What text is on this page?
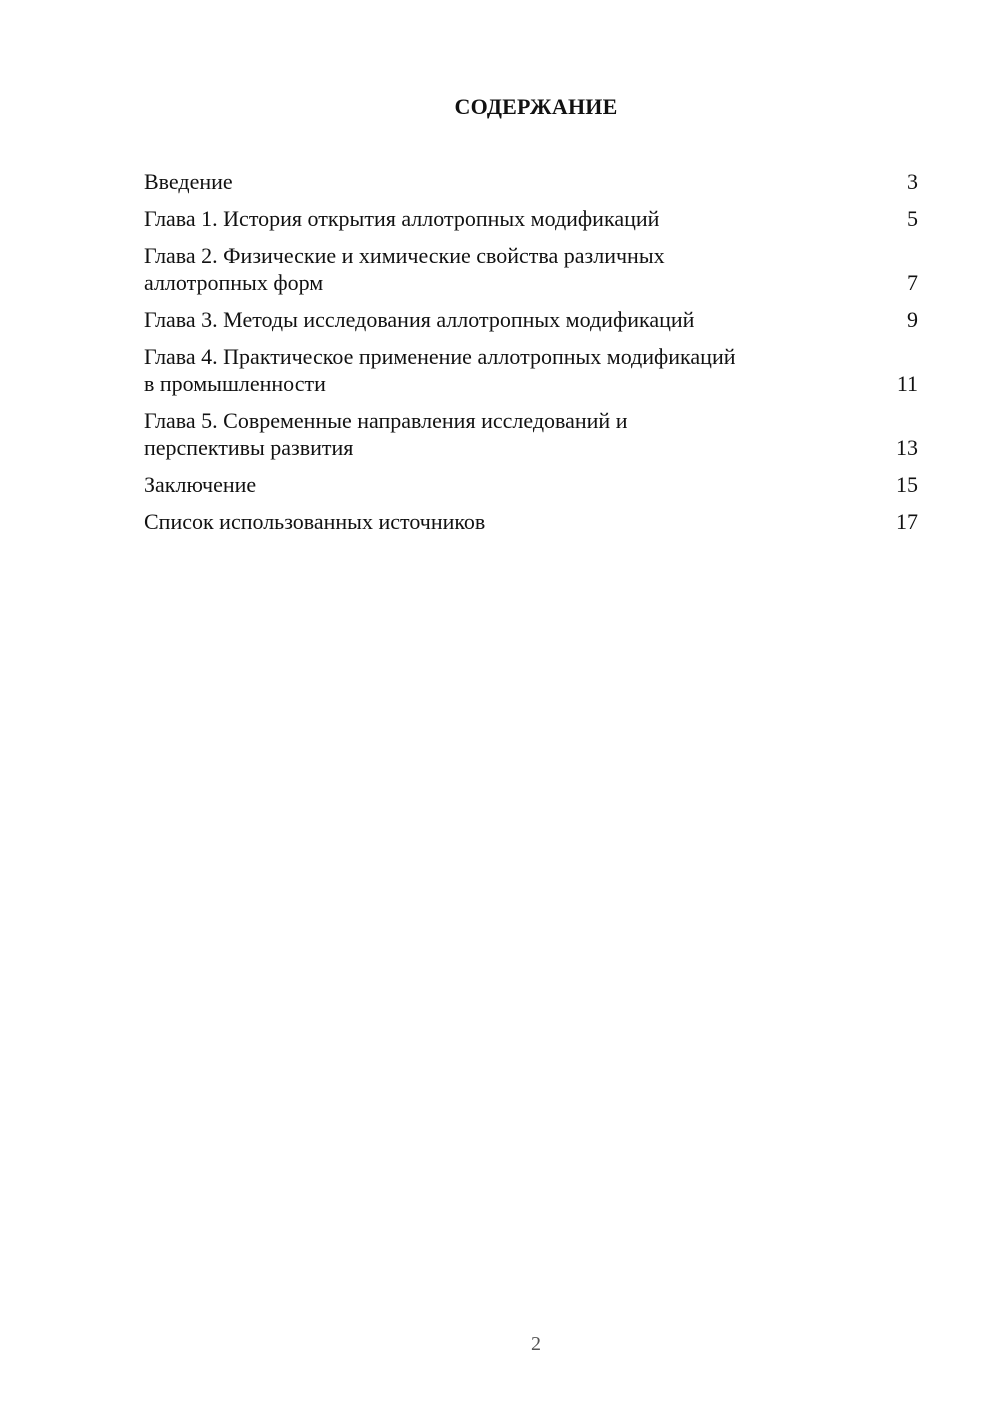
СОДЕРЖАНИЕ
Введение	3
Глава 1. История открытия аллотропных модификаций	5
Глава 2. Физические и химические свойства различных
аллотропных форм	7
Глава 3. Методы исследования аллотропных модификаций	9
Глава 4. Практическое применение аллотропных модификаций
в промышленности	11
Глава 5. Современные направления исследований и
перспективы развития	13
Заключение	15
Список использованных источников	17
2
